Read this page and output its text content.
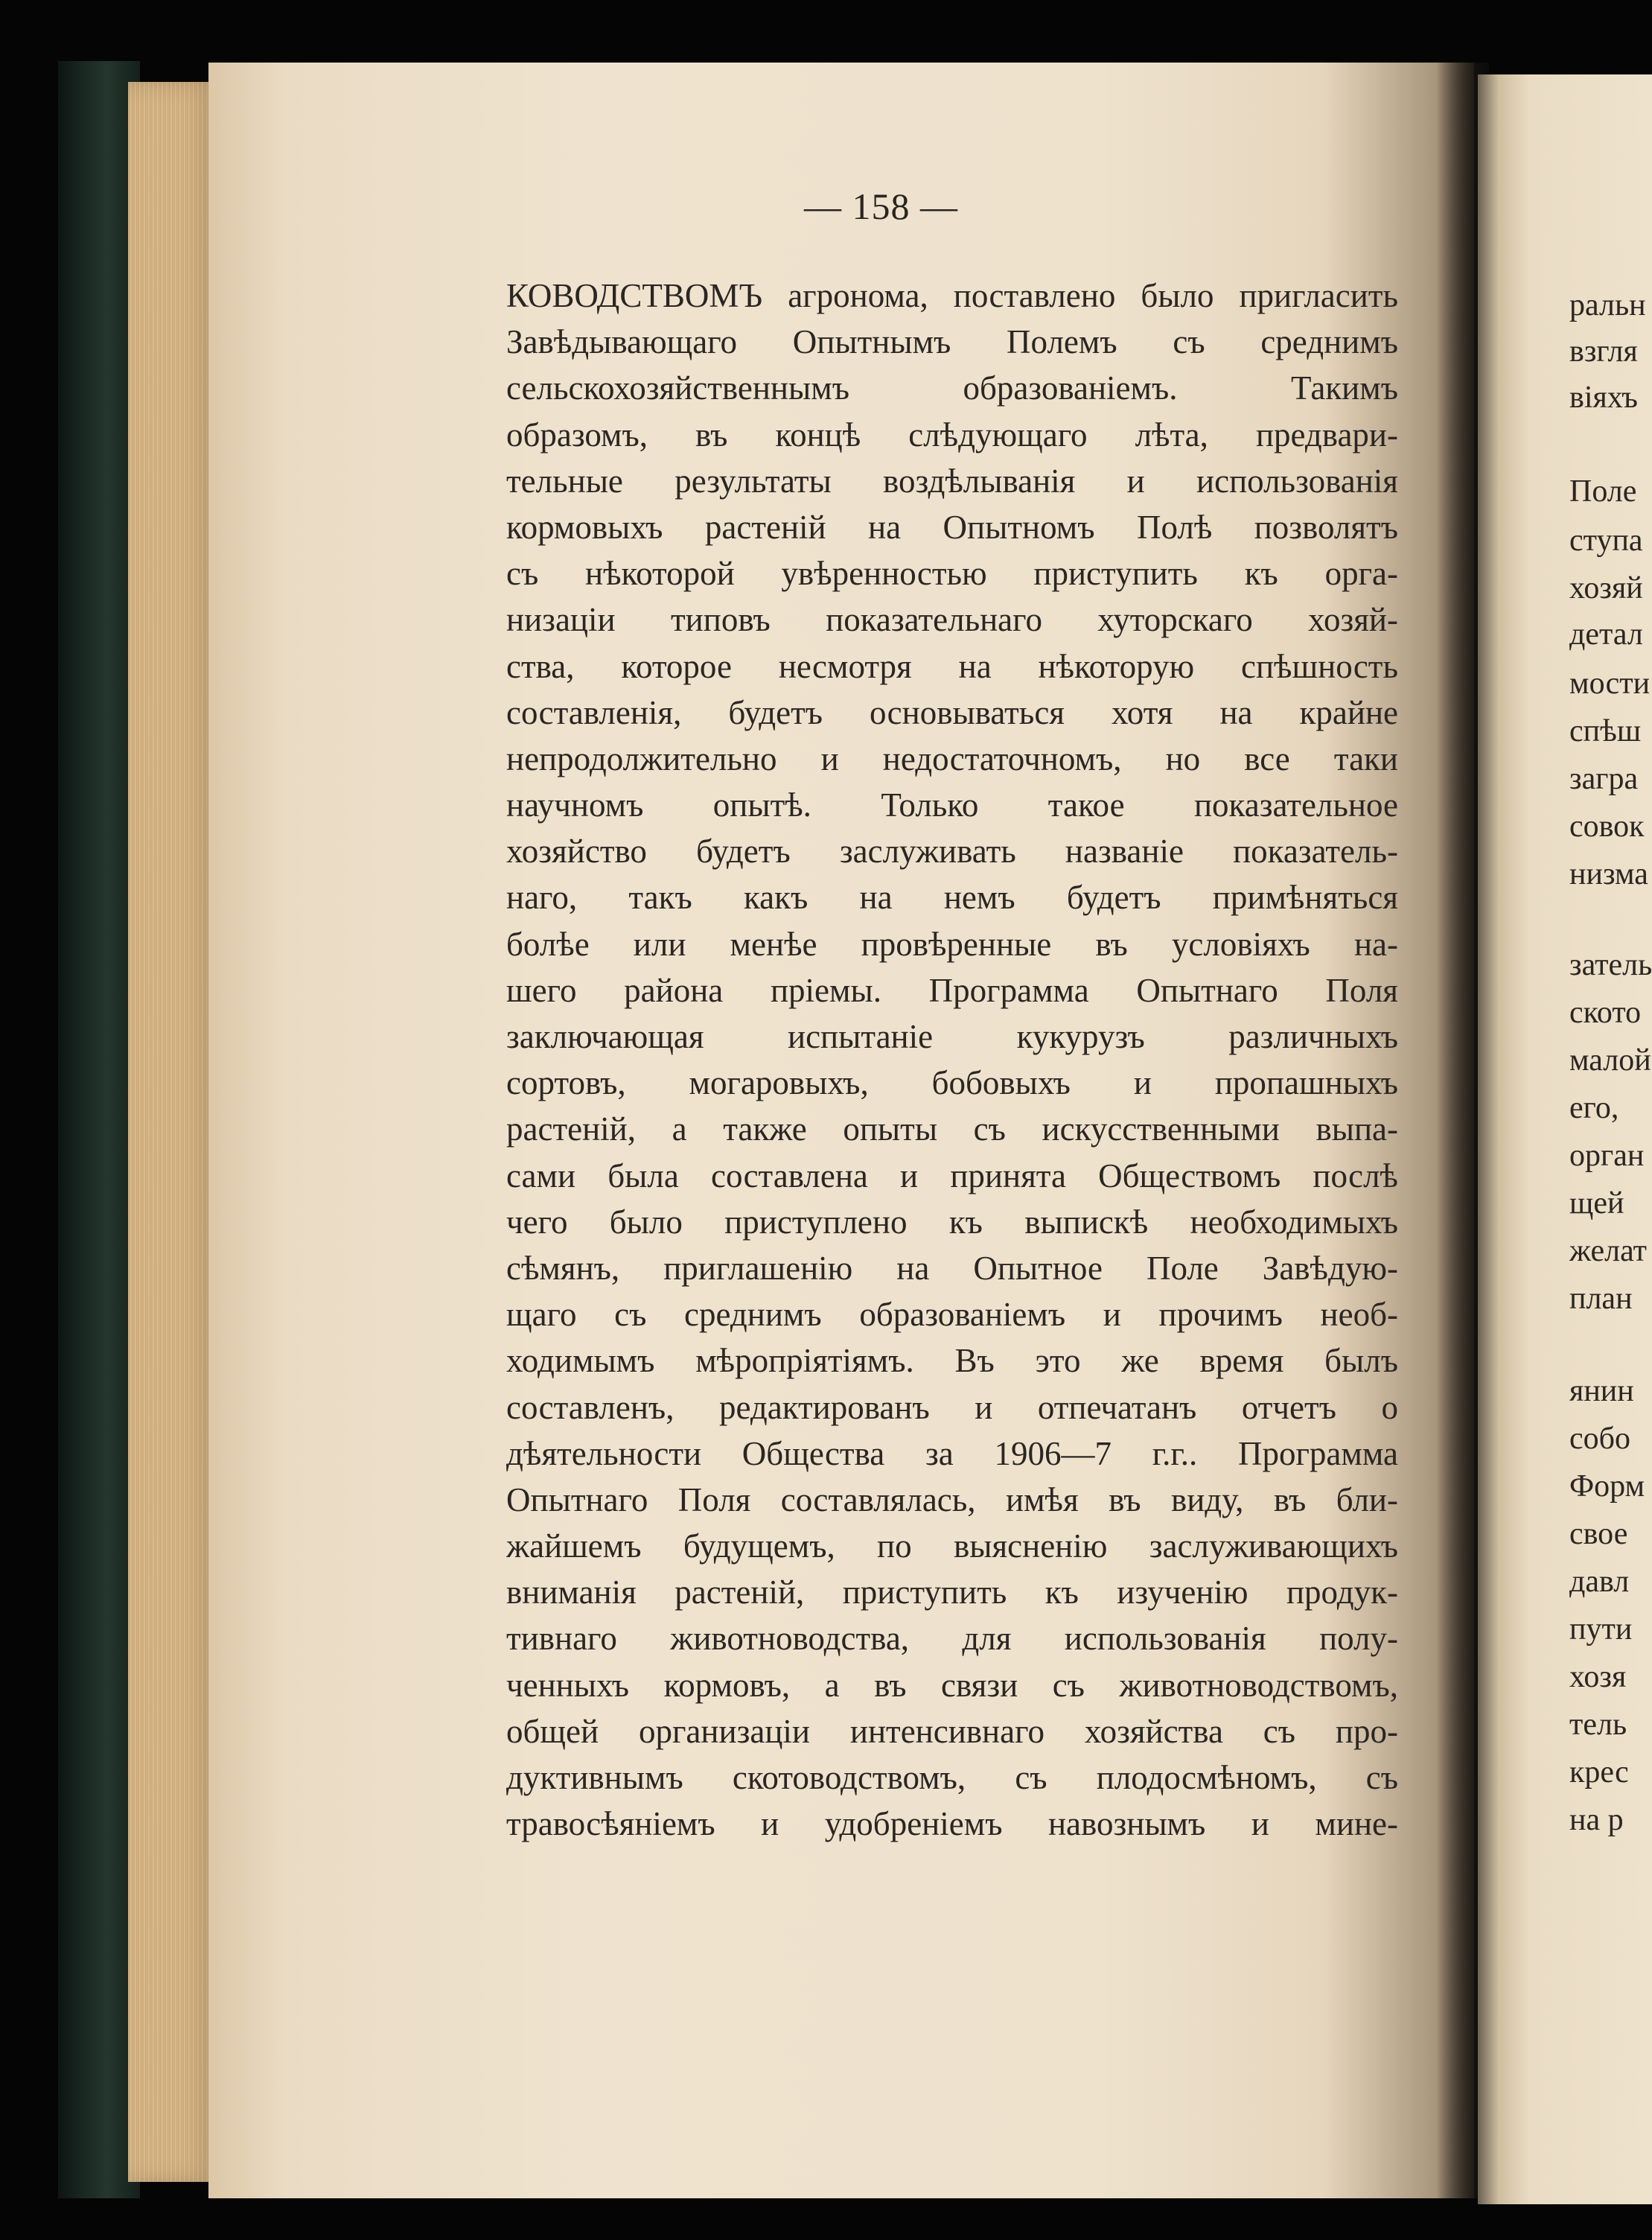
— 158 —
КОВОДСТВОМЪ агронома, поставлено было пригласить
Завѣдывающаго Опытнымъ Полемъ съ среднимъ
сельскохозяйственнымъ образованіемъ. Такимъ
образомъ, въ концѣ слѣдующаго лѣта, предвари-
тельные результаты воздѣлыванія и использованія
кормовыхъ растеній на Опытномъ Полѣ позволятъ
съ нѣкоторой увѣренностью приступить къ орга-
низаціи типовъ показательнаго хуторскаго хозяй-
ства, которое несмотря на нѣкоторую спѣшность
составленія, будетъ основываться хотя на крайне
непродолжительно и недостаточномъ, но все таки
научномъ опытѣ. Только такое показательное
хозяйство будетъ заслуживать названіе показатель-
наго, такъ какъ на немъ будетъ примѣняться
болѣе или менѣе провѣренные въ условіяхъ на-
шего района пріемы. Программа Опытнаго Поля
заключающая испытаніе кукурузъ различныхъ
сортовъ, могаровыхъ, бобовыхъ и пропашныхъ
растеній, а также опыты съ искусственными выпа-
сами была составлена и принята Обществомъ послѣ
чего было приступлено къ выпискѣ необходимыхъ
сѣмянъ, приглашенію на Опытное Поле Завѣдую-
щаго съ среднимъ образованіемъ и прочимъ необ-
ходимымъ мѣропріятіямъ. Въ это же время былъ
составленъ, редактированъ и отпечатанъ отчетъ о
дѣятельности Общества за 1906—7 г.г.. Программа
Опытнаго Поля составлялась, имѣя въ виду, въ бли-
жайшемъ будущемъ, по выясненію заслуживающихъ
вниманія растеній, приступить къ изученію продук-
тивнаго животноводства, для использованія полу-
ченныхъ кормовъ, а въ связи съ животноводствомъ,
общей организаціи интенсивнаго хозяйства съ про-
дуктивнымъ скотоводствомъ, съ плодосмѣномъ, съ
травосѣяніемъ и удобреніемъ навознымъ и мине-
ральн
взгля
віяхъ
Поле
ступа
хозяй
детал
мости
спѣш
загра
совок
низма
затель
ското
малой
его,
орган
щей
желат
план
янин
собо
Форм
свое
давл
пути
хозя
тель
крес
на р
